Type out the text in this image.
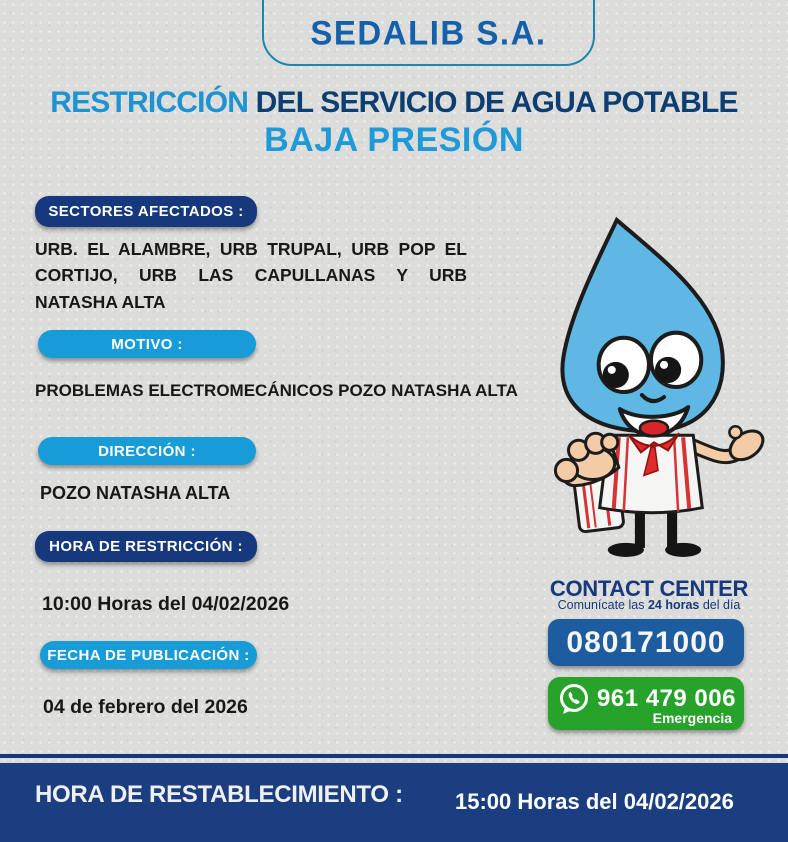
SEDALIB S.A.
RESTRICCIÓN DEL SERVICIO DE AGUA POTABLE
BAJA PRESIÓN
SECTORES AFECTADOS :
URB. EL ALAMBRE, URB TRUPAL, URB POP EL CORTIJO, URB LAS CAPULLANAS Y URB NATASHA ALTA
MOTIVO :
PROBLEMAS ELECTROMECÁNICOS POZO NATASHA ALTA
DIRECCIÓN :
POZO NATASHA ALTA
HORA DE RESTRICCIÓN :
10:00 Horas del 04/02/2026
FECHA DE PUBLICACIÓN :
04 de febrero del 2026
CONTACT CENTER
Comunícate las 24 horas del día
080171000
961 479 006
Emergencia
HORA DE RESTABLECIMIENTO : 15:00 Horas del 04/02/2026
